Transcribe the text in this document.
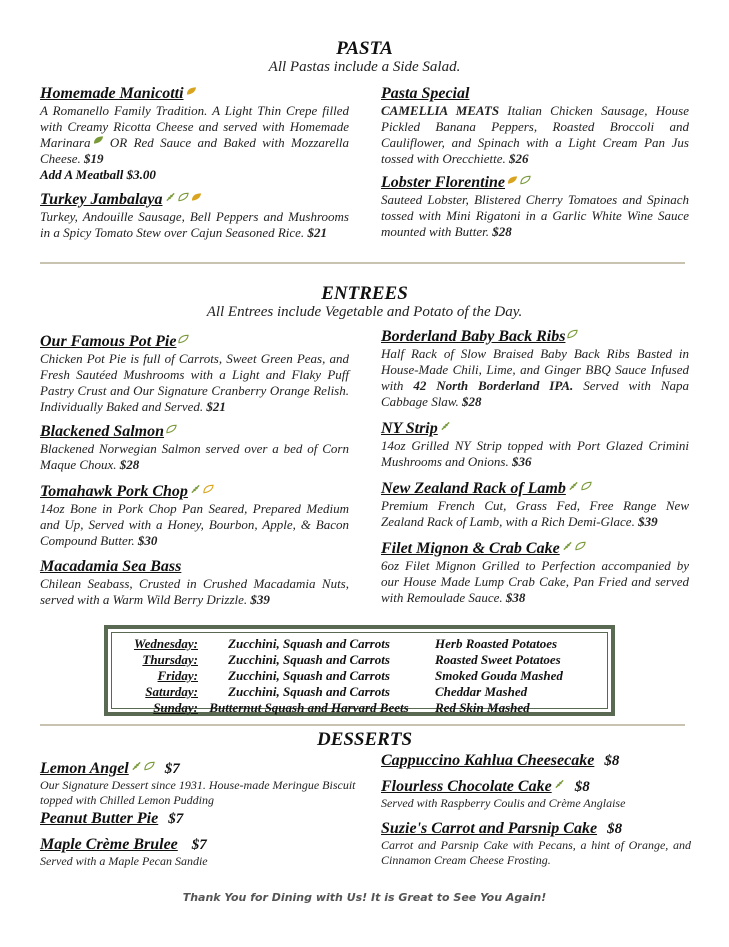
PASTA
All Pastas include a Side Salad.
Homemade Manicotti
A Romanello Family Tradition. A Light Thin Crepe filled with Creamy Ricotta Cheese and served with Homemade Marinara OR Red Sauce and Baked with Mozzarella Cheese. $19
Add A Meatball $3.00
Turkey Jambalaya
Turkey, Andouille Sausage, Bell Peppers and Mushrooms in a Spicy Tomato Stew over Cajun Seasoned Rice. $21
Pasta Special
CAMELLIA MEATS Italian Chicken Sausage, House Pickled Banana Peppers, Roasted Broccoli and Cauliflower, and Spinach with a Light Cream Pan Jus tossed with Orecchiette. $26
Lobster Florentine
Sauteed Lobster, Blistered Cherry Tomatoes and Spinach tossed with Mini Rigatoni in a Garlic White Wine Sauce mounted with Butter. $28
ENTREES
All Entrees include Vegetable and Potato of the Day.
Our Famous Pot Pie
Chicken Pot Pie is full of Carrots, Sweet Green Peas, and Fresh Sautéed Mushrooms with a Light and Flaky Puff Pastry Crust and Our Signature Cranberry Orange Relish. Individually Baked and Served. $21
Blackened Salmon
Blackened Norwegian Salmon served over a bed of Corn Maque Choux. $28
Tomahawk Pork Chop
14oz Bone in Pork Chop Pan Seared, Prepared Medium and Up, Served with a Honey, Bourbon, Apple, & Bacon Compound Butter. $30
Macadamia Sea Bass
Chilean Seabass, Crusted in Crushed Macadamia Nuts, served with a Warm Wild Berry Drizzle. $39
Borderland Baby Back Ribs
Half Rack of Slow Braised Baby Back Ribs Basted in House-Made Chili, Lime, and Ginger BBQ Sauce Infused with 42 North Borderland IPA. Served with Napa Cabbage Slaw. $28
NY Strip
14oz Grilled NY Strip topped with Port Glazed Crimini Mushrooms and Onions. $36
New Zealand Rack of Lamb
Premium French Cut, Grass Fed, Free Range New Zealand Rack of Lamb, with a Rich Demi-Glace. $39
Filet Mignon & Crab Cake
6oz Filet Mignon Grilled to Perfection accompanied by our House Made Lump Crab Cake, Pan Fried and served with Remoulade Sauce. $38
Wednesday:	Zucchini, Squash and Carrots	Herb Roasted Potatoes
Thursday:	Zucchini, Squash and Carrots	Roasted Sweet Potatoes
Friday:	Zucchini, Squash and Carrots	Smoked Gouda Mashed
Saturday:	Zucchini, Squash and Carrots	Cheddar Mashed
Sunday: Butternut Squash and Harvard Beets	Red Skin Mashed
DESSERTS
Lemon Angel $7
Our Signature Dessert since 1931. House-made Meringue Biscuit topped with Chilled Lemon Pudding
Peanut Butter Pie $7
Maple Crème Brulee $7
Served with a Maple Pecan Sandie
Cappuccino Kahlua Cheesecake $8
Flourless Chocolate Cake $8
Served with Raspberry Coulis and Crème Anglaise
Suzie's Carrot and Parsnip Cake $8
Carrot and Parsnip Cake with Pecans, a hint of Orange, and Cinnamon Cream Cheese Frosting.
Thank You for Dining with Us! It is Great to See You Again!
